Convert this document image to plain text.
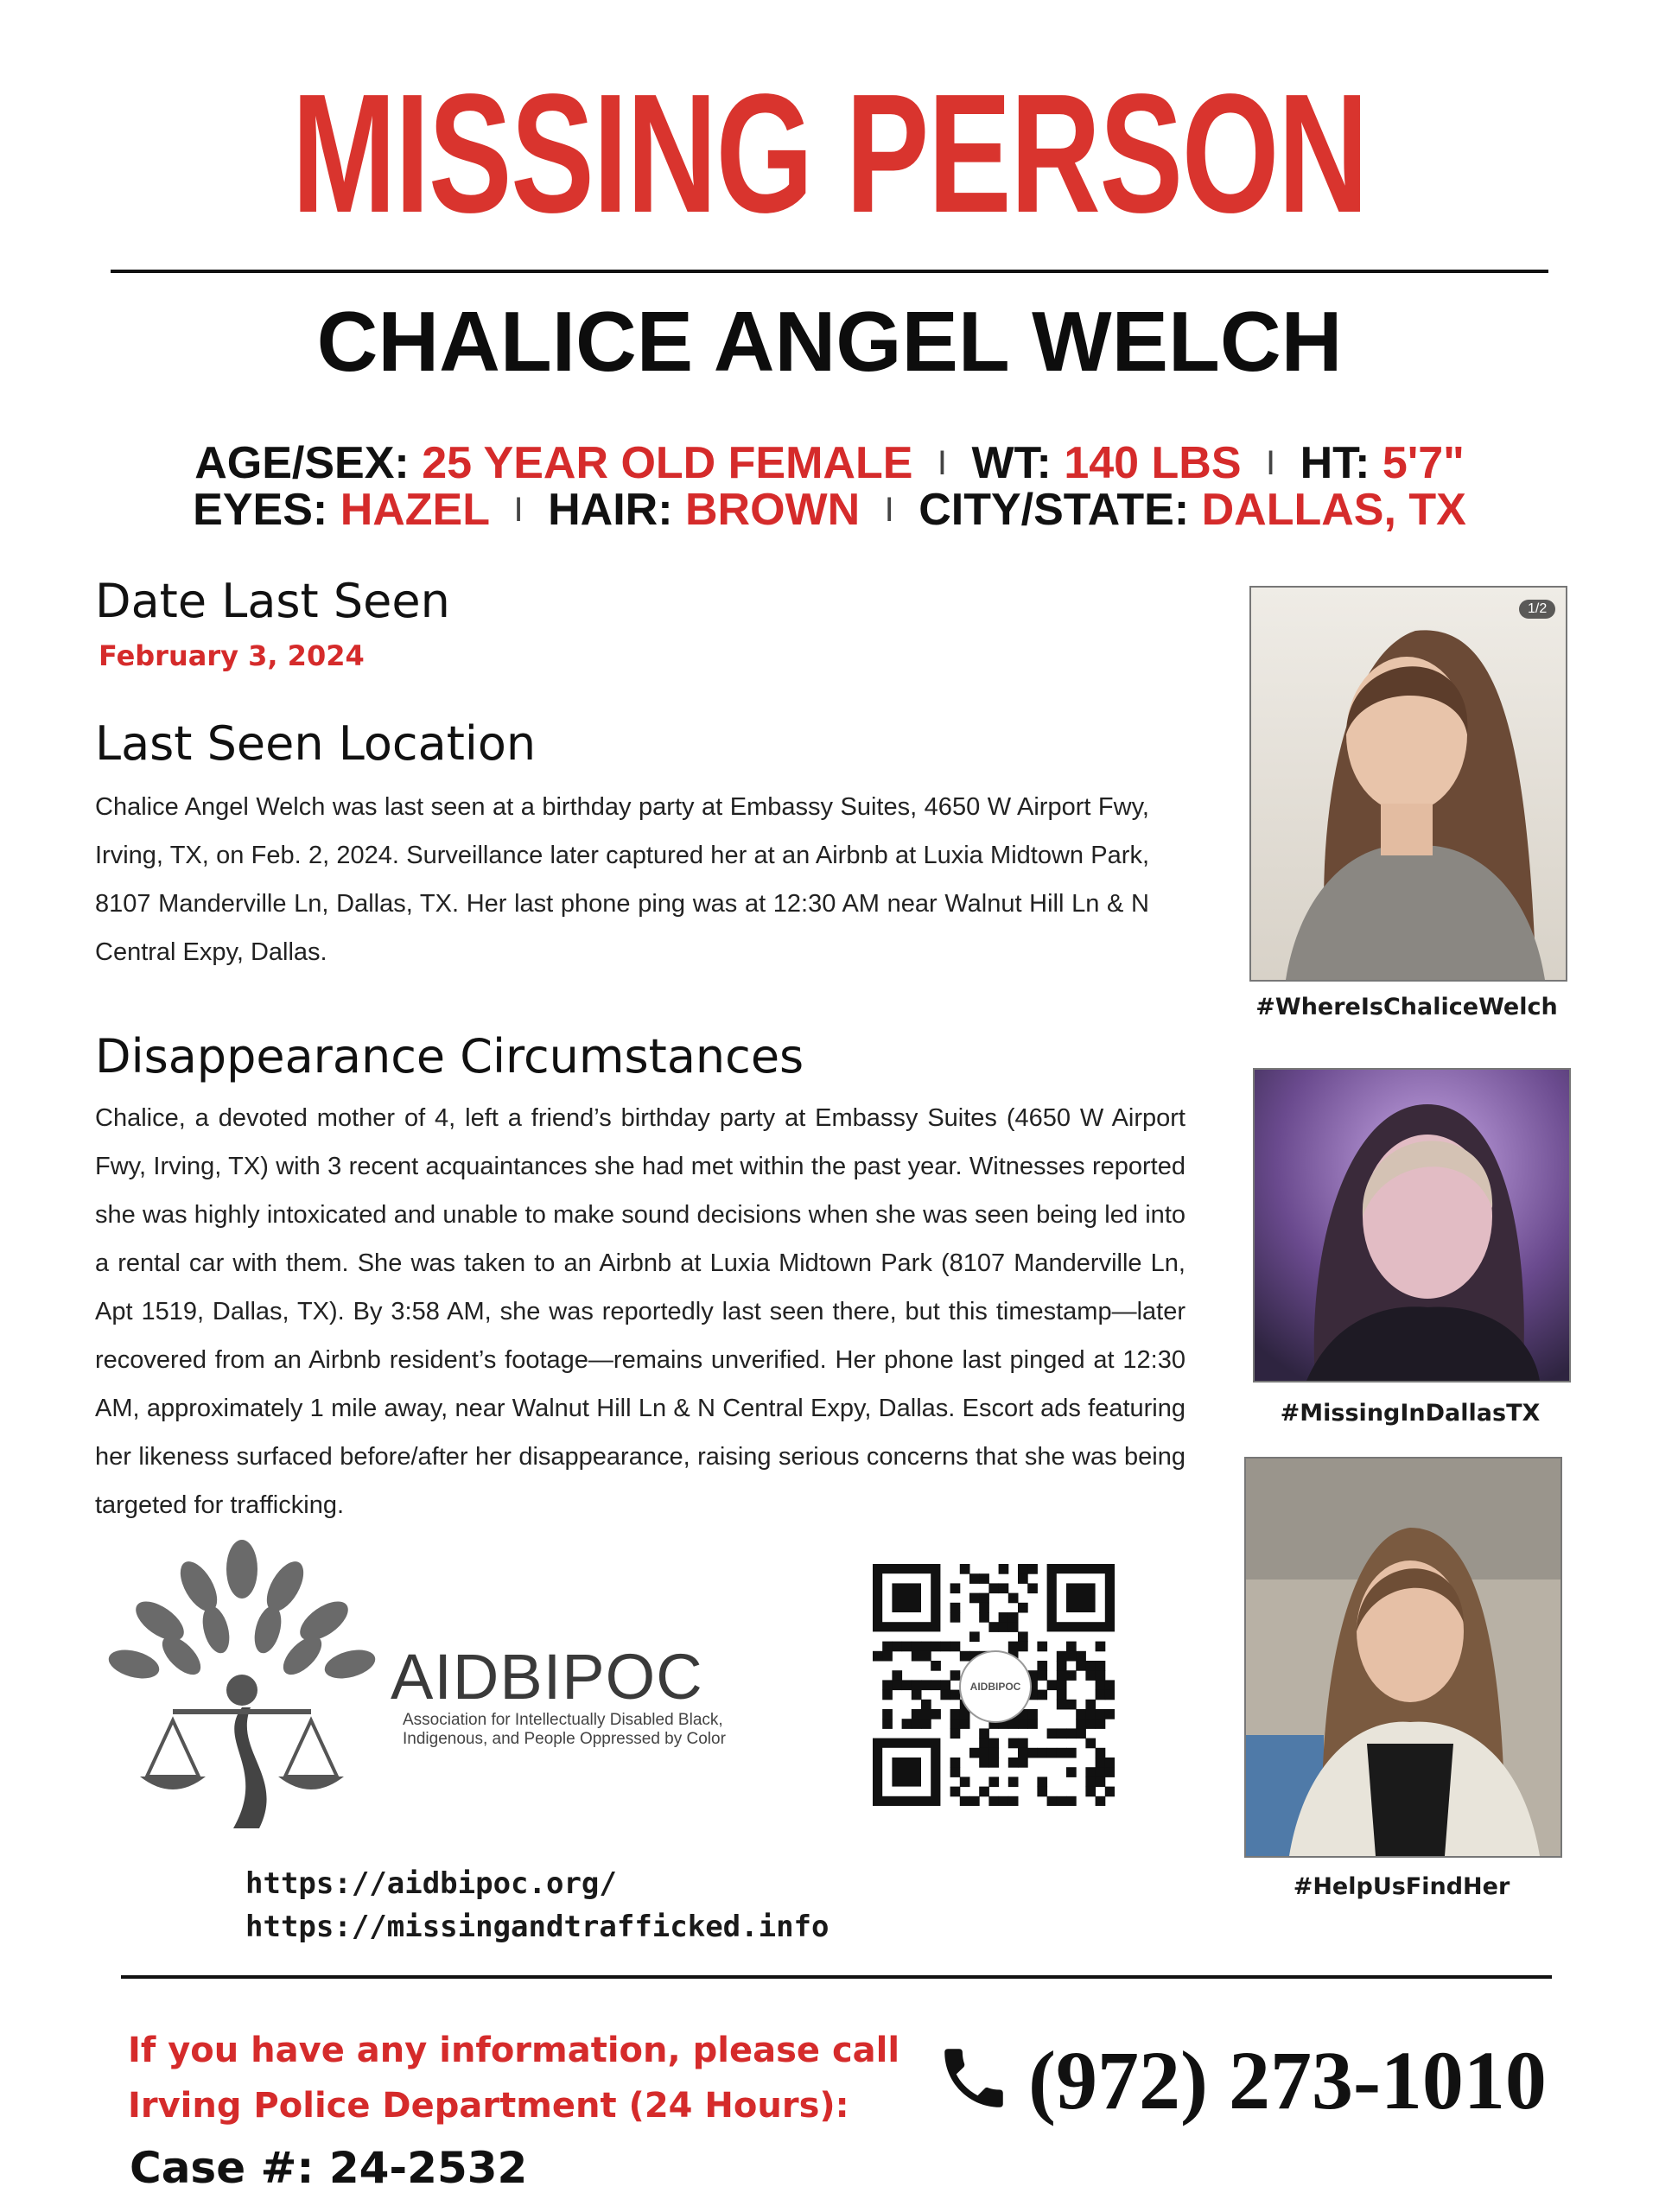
MISSING PERSON
CHALICE ANGEL WELCH
AGE/SEX: 25 YEAR OLD FEMALE I WT: 140 LBS I HT: 5'7"
EYES: HAZEL I HAIR: BROWN I CITY/STATE: DALLAS, TX
Date Last Seen
February 3, 2024
Last Seen Location
Chalice Angel Welch was last seen at a birthday party at Embassy Suites, 4650 W Airport Fwy, Irving, TX, on Feb. 2, 2024. Surveillance later captured her at an Airbnb at Luxia Midtown Park, 8107 Manderville Ln, Dallas, TX. Her last phone ping was at 12:30 AM near Walnut Hill Ln & N Central Expy, Dallas.
Disappearance Circumstances
Chalice, a devoted mother of 4, left a friend’s birthday party at Embassy Suites (4650 W Airport Fwy, Irving, TX) with 3 recent acquaintances she had met within the past year. Witnesses reported she was highly intoxicated and unable to make sound decisions when she was seen being led into a rental car with them. She was taken to an Airbnb at Luxia Midtown Park (8107 Manderville Ln, Apt 1519, Dallas, TX). By 3:58 AM, she was reportedly last seen there, but this timestamp—later recovered from an Airbnb resident’s footage—remains unverified. Her phone last pinged at 12:30 AM, approximately 1 mile away, near Walnut Hill Ln & N Central Expy, Dallas. Escort ads featuring her likeness surfaced before/after her disappearance, raising serious concerns that she was being targeted for trafficking.
1/2
#WhereIsChaliceWelch
#MissingInDallasTX
#HelpUsFindHer
AIDBIPOC
Association for Intellectually Disabled Black,
Indigenous, and People Oppressed by Color
AIDBIPOC
https://aidbipoc.org/
https://missingandtrafficked.info
If you have any information, please call
Irving Police Department (24 Hours):
Case #: 24-2532
(972) 273-1010
